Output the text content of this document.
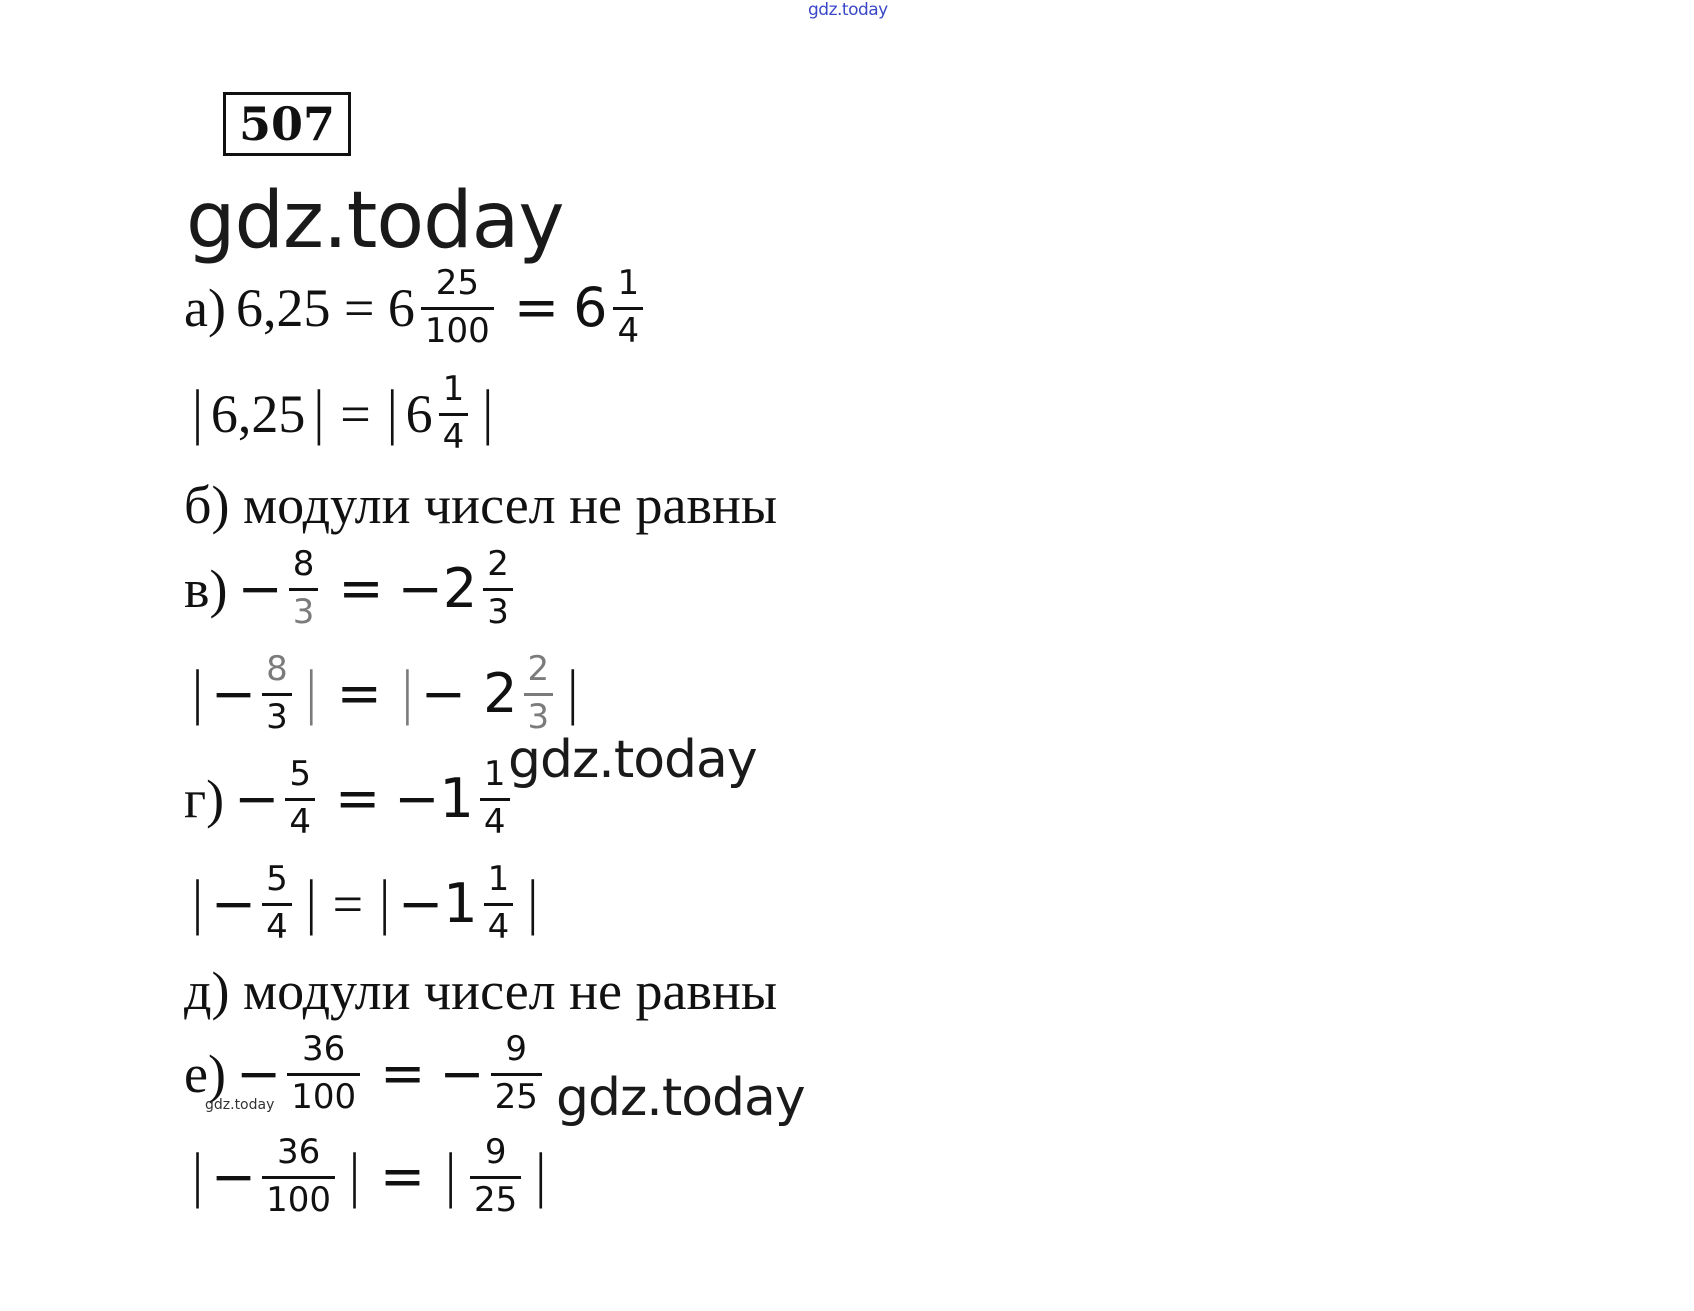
gdz.today
507
gdz.today
а) $6,25 = 6 \frac{25}{100} = 6 \frac{1}{4}$
| 6,25 | = | $6 \frac{1}{4}$ |
б) модули чисел не равны
$в) - \frac{8}{3} = -2 \frac{2}{3}$
| − $\frac{8}{3}$ | = | − $2 \frac{2}{3}$ |
$г) - \frac{5}{4} = -1 \frac{1}{4}$
gdz.today
| − $\frac{5}{4}$ | = | $-1 \frac{1}{4}$ |
д) модули чисел не равны
$е) - \frac{36}{100}$ = − $\frac{9}{25}$
gdz.today	gdz.today
| − $\frac{36}{100}$ | = | $\frac{9}{25}$ |
